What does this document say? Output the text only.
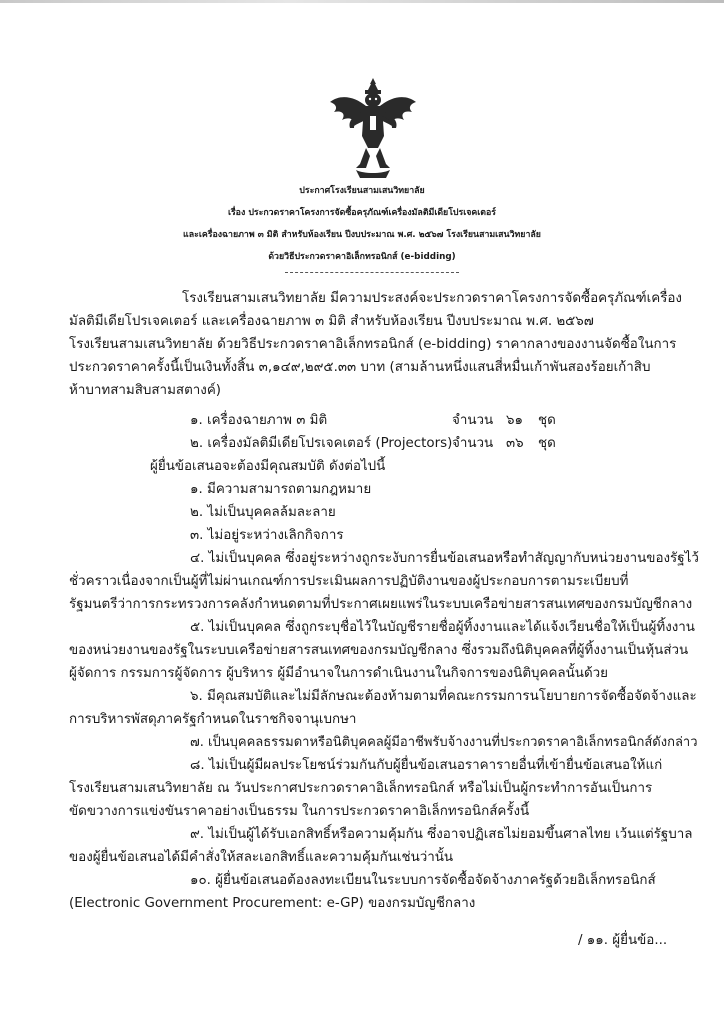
ประกาศโรงเรียนสามเสนวิทยาลัย
เรื่อง ประกวดราคาโครงการจัดซื้อครุภัณฑ์เครื่องมัลติมีเดียโปรเจคเตอร์
และเครื่องฉายภาพ ๓ มิติ สำหรับห้องเรียน ปีงบประมาณ พ.ศ. ๒๕๖๗ โรงเรียนสามเสนวิทยาลัย
ด้วยวิธีประกวดราคาอิเล็กทรอนิกส์ (e-bidding)
โรงเรียนสามเสนวิทยาลัย มีความประสงค์จะประกวดราคาโครงการจัดซื้อครุภัณฑ์เครื่อง
มัลติมีเดียโปรเจคเตอร์ และเครื่องฉายภาพ ๓ มิติ สำหรับห้องเรียน ปีงบประมาณ พ.ศ. ๒๕๖๗
โรงเรียนสามเสนวิทยาลัย ด้วยวิธีประกวดราคาอิเล็กทรอนิกส์ (e-bidding) ราคากลางของงานจัดซื้อในการ
ประกวดราคาครั้งนี้เป็นเงินทั้งสิ้น ๓,๑๔๙,๒๙๕.๓๓ บาท (สามล้านหนึ่งแสนสี่หมื่นเก้าพันสองร้อยเก้าสิบ
ห้าบาทสามสิบสามสตางค์)
๑. เครื่องฉายภาพ ๓ มิติ	จำนวน ๖๑ ชุด
๒. เครื่องมัลติมีเดียโปรเจคเตอร์ (Projectors) จำนวน ๓๖ ชุด
ผู้ยื่นข้อเสนอจะต้องมีคุณสมบัติ ดังต่อไปนี้
๑. มีความสามารถตามกฎหมาย
๒. ไม่เป็นบุคคลล้มละลาย
๓. ไม่อยู่ระหว่างเลิกกิจการ
๔. ไม่เป็นบุคคล ซึ่งอยู่ระหว่างถูกระงับการยื่นข้อเสนอหรือทำสัญญากับหน่วยงานของรัฐไว้
ชั่วคราวเนื่องจากเป็นผู้ที่ไม่ผ่านเกณฑ์การประเมินผลการปฏิบัติงานของผู้ประกอบการตามระเบียบที่
รัฐมนตรีว่าการกระทรวงการคลังกำหนดตามที่ประกาศเผยแพร่ในระบบเครือข่ายสารสนเทศของกรมบัญชีกลาง
๕. ไม่เป็นบุคคล ซึ่งถูกระบุชื่อไว้ในบัญชีรายชื่อผู้ทิ้งงานและได้แจ้งเวียนชื่อให้เป็นผู้ทิ้งงาน
ของหน่วยงานของรัฐในระบบเครือข่ายสารสนเทศของกรมบัญชีกลาง ซึ่งรวมถึงนิติบุคคลที่ผู้ทิ้งงานเป็นหุ้นส่วน
ผู้จัดการ กรรมการผู้จัดการ ผู้บริหาร ผู้มีอำนาจในการดำเนินงานในกิจการของนิติบุคคลนั้นด้วย
๖. มีคุณสมบัติและไม่มีลักษณะต้องห้ามตามที่คณะกรรมการนโยบายการจัดซื้อจัดจ้างและ
การบริหารพัสดุภาครัฐกำหนดในราชกิจจานุเบกษา
๗. เป็นบุคคลธรรมดาหรือนิติบุคคลผู้มีอาชีพรับจ้างงานที่ประกวดราคาอิเล็กทรอนิกส์ดังกล่าว
๘. ไม่เป็นผู้มีผลประโยชน์ร่วมกันกับผู้ยื่นข้อเสนอราคารายอื่นที่เข้ายื่นข้อเสนอให้แก่
โรงเรียนสามเสนวิทยาลัย ณ วันประกาศประกวดราคาอิเล็กทรอนิกส์ หรือไม่เป็นผู้กระทำการอันเป็นการ
ขัดขวางการแข่งขันราคาอย่างเป็นธรรม ในการประกวดราคาอิเล็กทรอนิกส์ครั้งนี้
๙. ไม่เป็นผู้ได้รับเอกสิทธิ์หรือความคุ้มกัน ซึ่งอาจปฏิเสธไม่ยอมขึ้นศาลไทย เว้นแต่รัฐบาล
ของผู้ยื่นข้อเสนอได้มีคำสั่งให้สละเอกสิทธิ์และความคุ้มกันเช่นว่านั้น
๑๐. ผู้ยื่นข้อเสนอต้องลงทะเบียนในระบบการจัดซื้อจัดจ้างภาครัฐด้วยอิเล็กทรอนิกส์
(Electronic Government Procurement: e-GP) ของกรมบัญชีกลาง
/ ๑๑. ผู้ยื่นข้อ...
